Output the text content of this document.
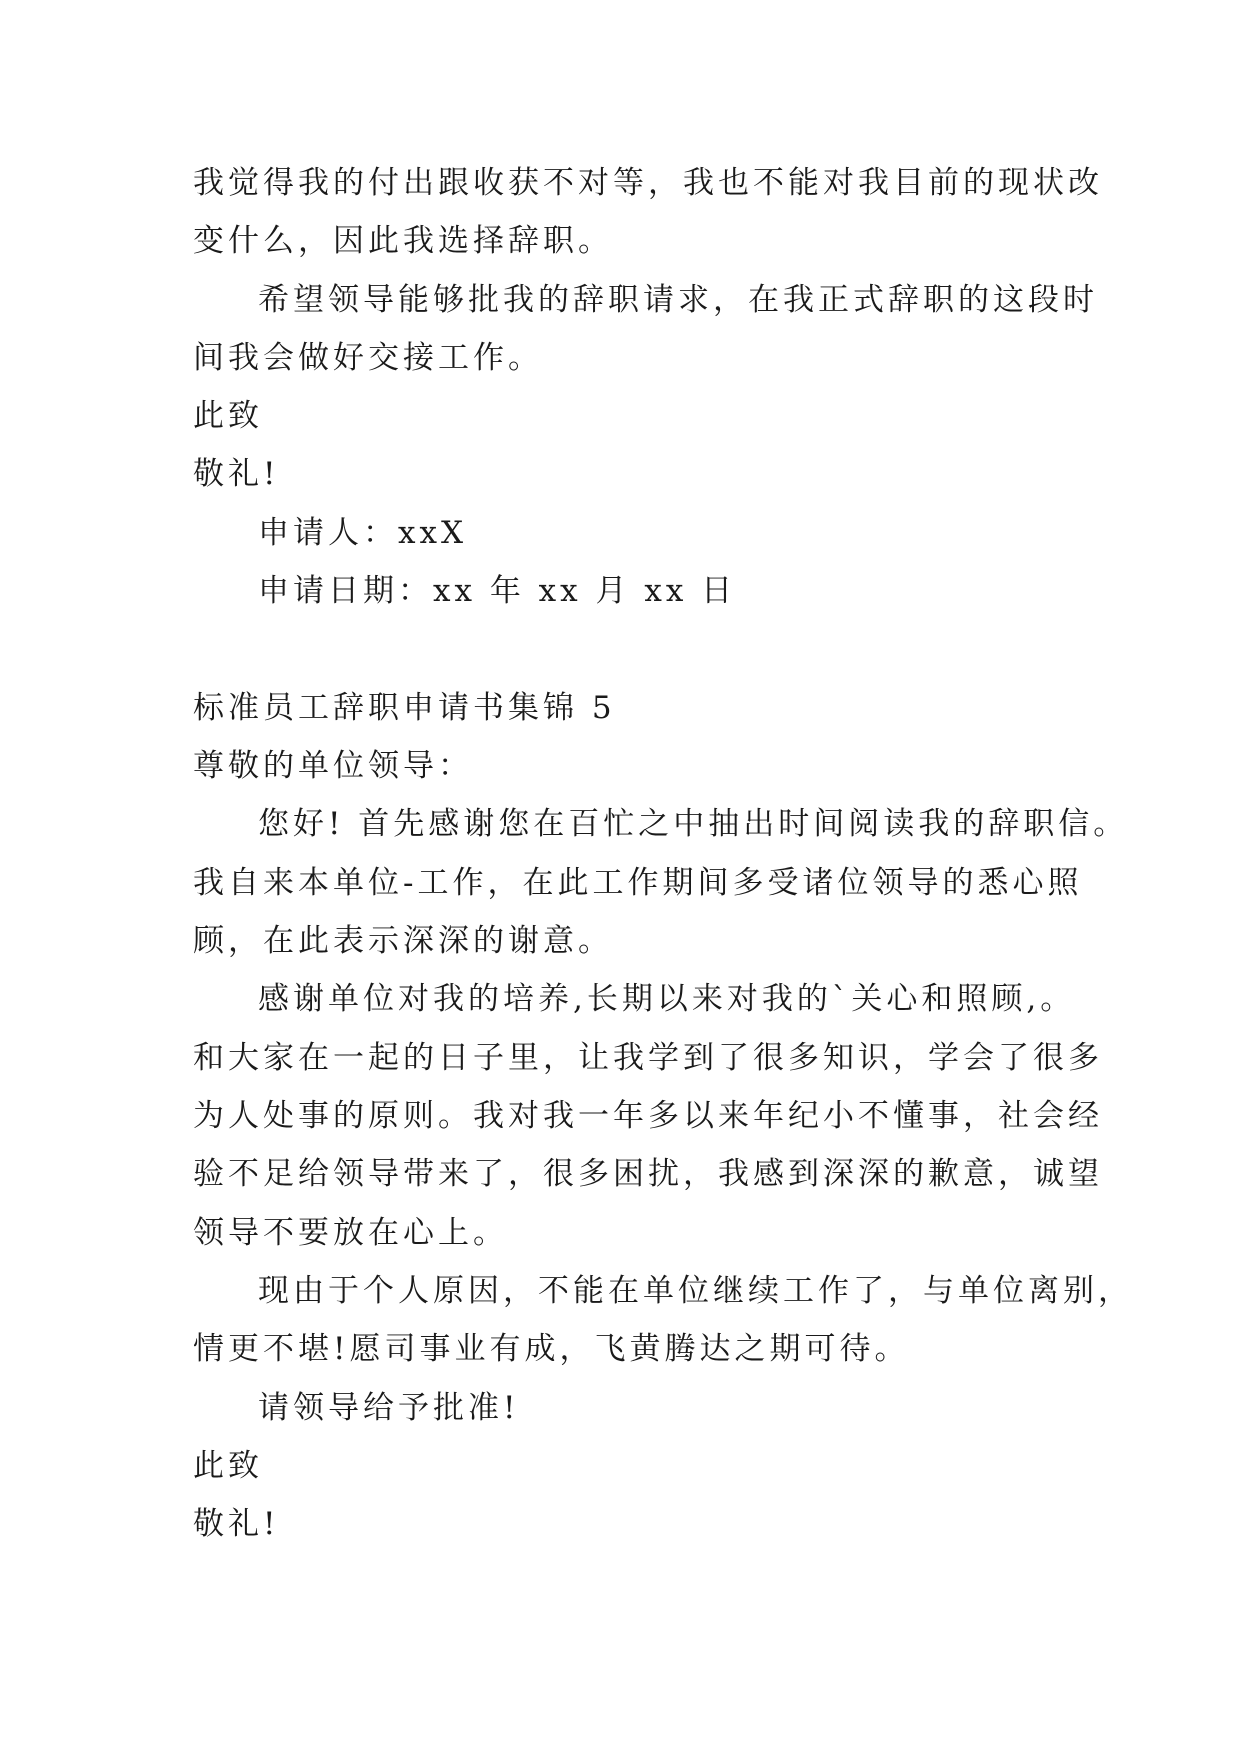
我觉得我的付出跟收获不对等，我也不能对我目前的现状改
变什么，因此我选择辞职。
希望领导能够批我的辞职请求，在我正式辞职的这段时
间我会做好交接工作。
此致
敬礼!
申请人：xxX
申请日期：xx 年 xx 月 xx 日
标准员工辞职申请书集锦 5
尊敬的单位领导：
您好! 首先感谢您在百忙之中抽出时间阅读我的辞职信。
我自来本单位-工作，在此工作期间多受诸位领导的悉心照
顾，在此表示深深的谢意。
感谢单位对我的培养,长期以来对我的`关心和照顾,。
和大家在一起的日子里，让我学到了很多知识，学会了很多
为人处事的原则。我对我一年多以来年纪小不懂事，社会经
验不足给领导带来了，很多困扰，我感到深深的歉意，诚望
领导不要放在心上。
现由于个人原因，不能在单位继续工作了，与单位离别，
情更不堪!愿司事业有成，飞黄腾达之期可待。
请领导给予批准!
此致
敬礼!
